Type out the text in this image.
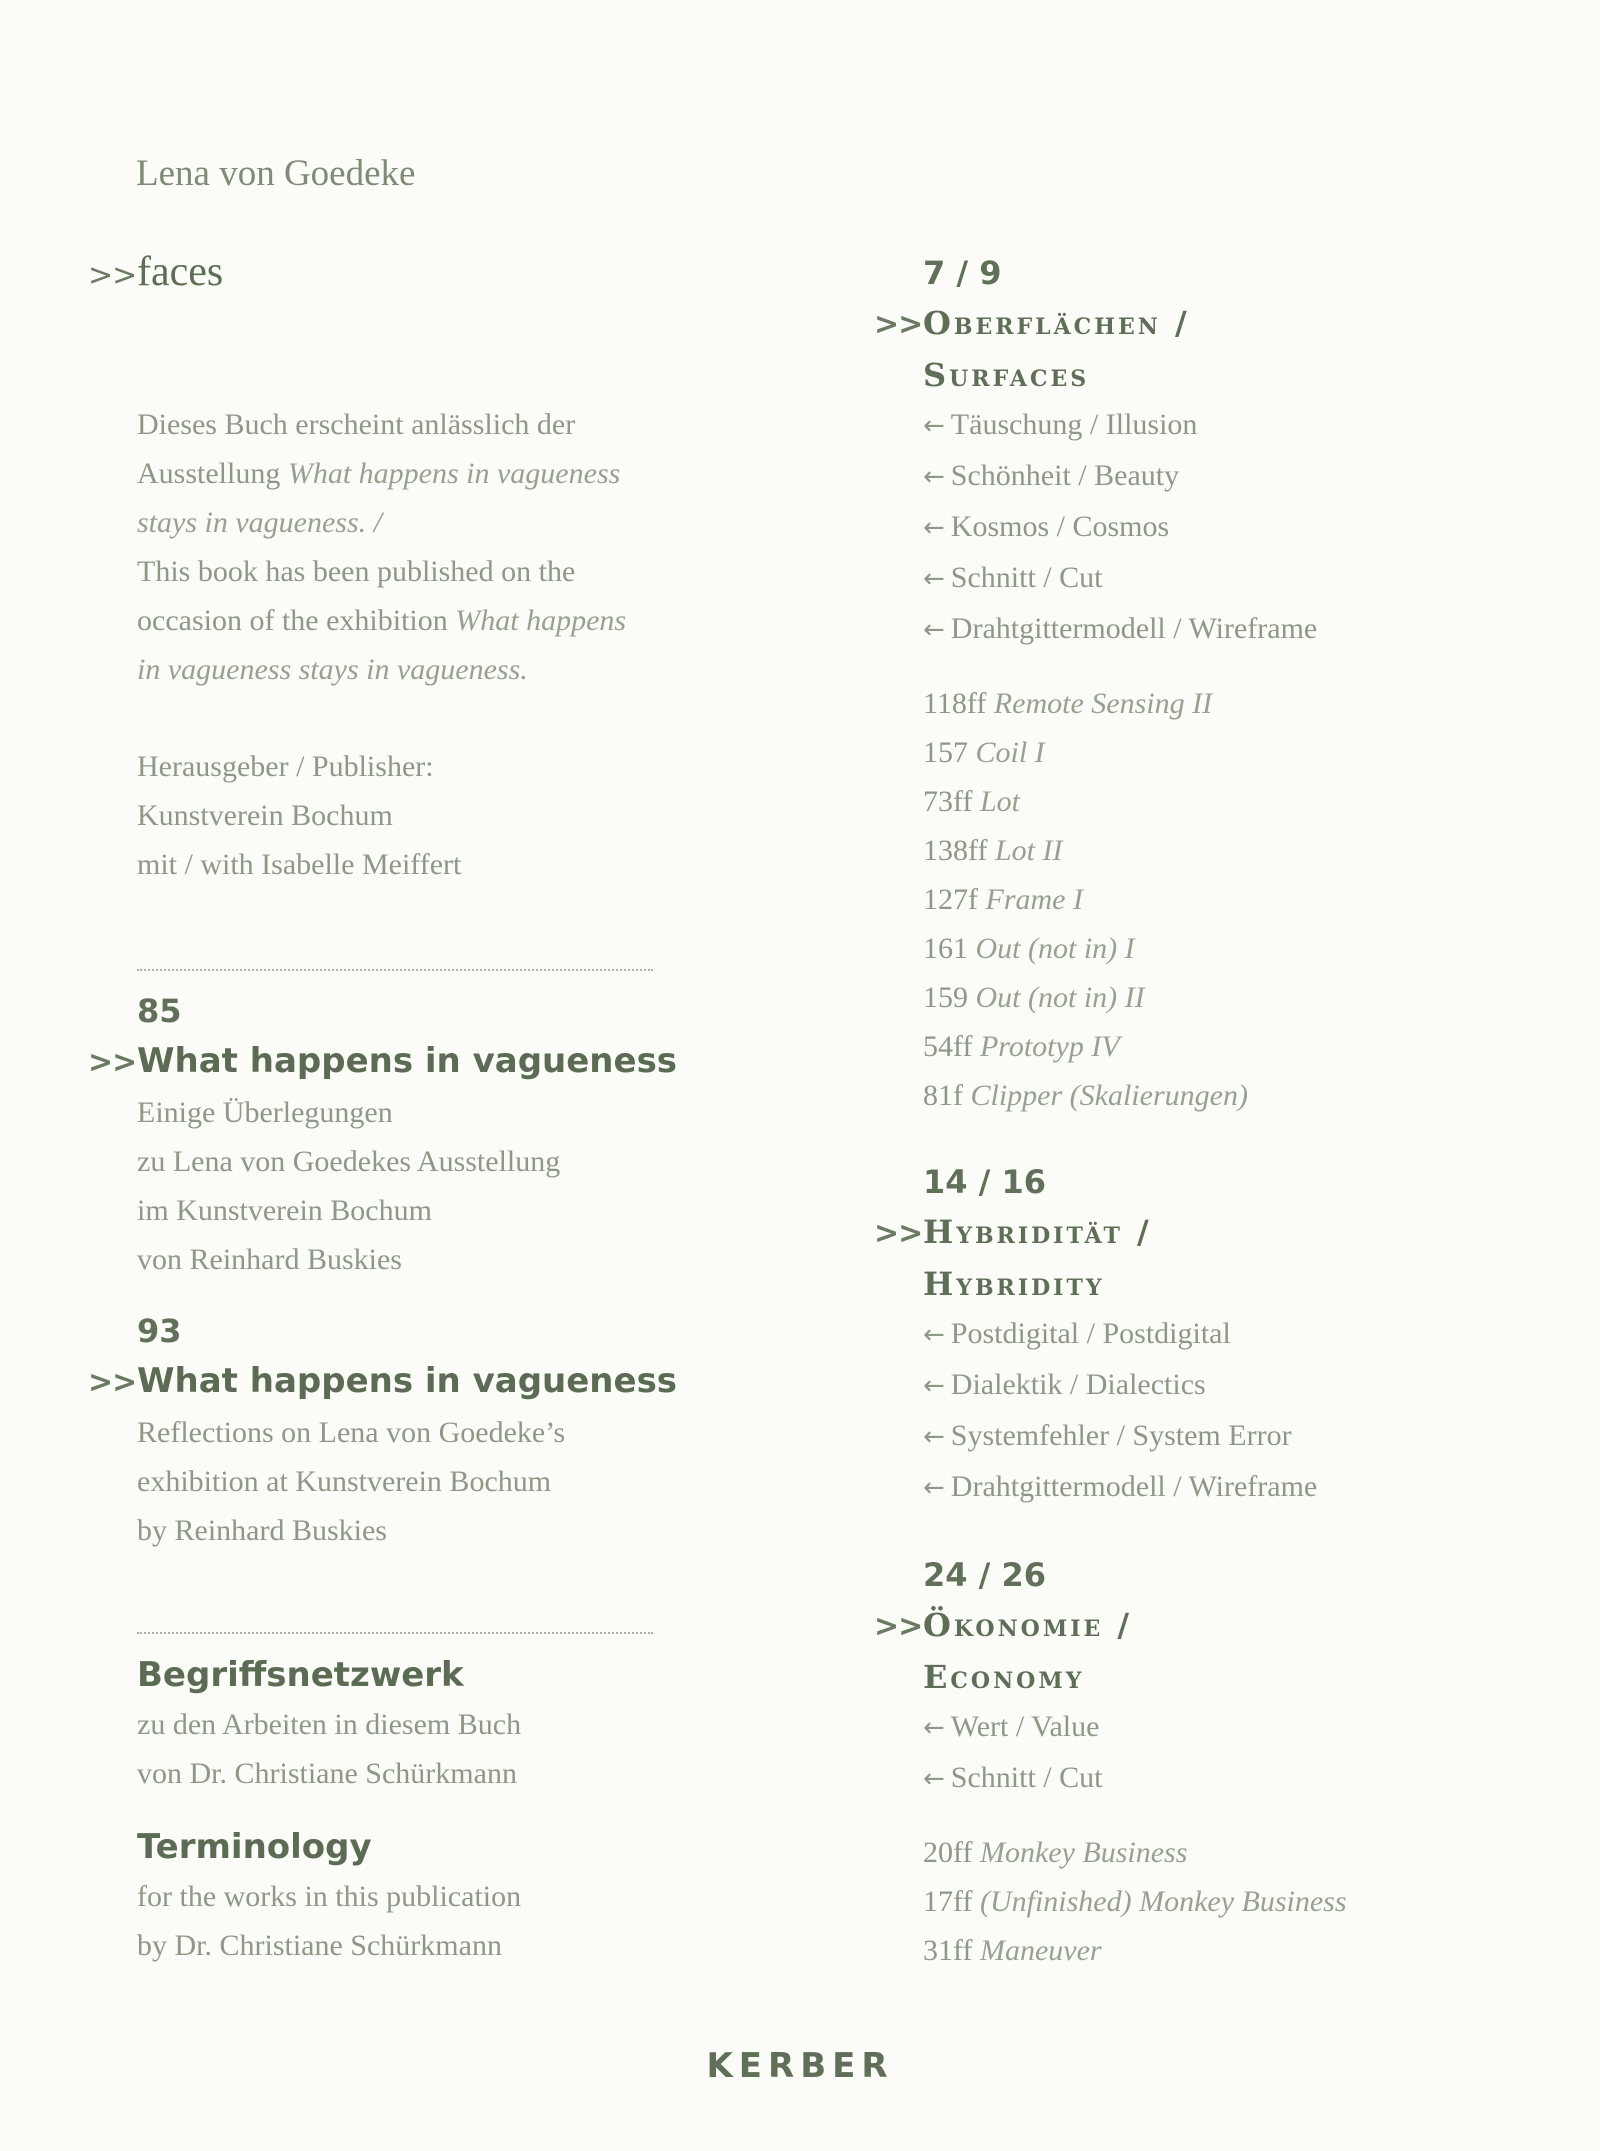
Lena von Goedeke
>>faces
Dieses Buch erscheint anlässlich der
Ausstellung What happens in vagueness
stays in vagueness. /
This book has been published on the
occasion of the exhibition What happens
in vagueness stays in vagueness.
Herausgeber / Publisher:
Kunstverein Bochum
mit / with Isabelle Meiffert
85
>>What happens in vagueness
Einige Überlegungen
zu Lena von Goedekes Ausstellung
im Kunstverein Bochum
von Reinhard Buskies
93
>>What happens in vagueness
Reflections on Lena von Goedeke’s
exhibition at Kunstverein Bochum
by Reinhard Buskies
Begriffsnetzwerk
zu den Arbeiten in diesem Buch
von Dr. Christiane Schürkmann
Terminology
for the works in this publication
by Dr. Christiane Schürkmann
7 / 9
>>Oberflächen /
Surfaces
← Täuschung / Illusion
← Schönheit / Beauty
← Kosmos / Cosmos
← Schnitt / Cut
← Drahtgittermodell / Wireframe
118ff Remote Sensing II
157 Coil I
73ff Lot
138ff Lot II
127f Frame I
161 Out (not in) I
159 Out (not in) II
54ff Prototyp IV
81f Clipper (Skalierungen)
14 / 16
>>Hybridität /
Hybridity
← Postdigital / Postdigital
← Dialektik / Dialectics
← Systemfehler / System Error
← Drahtgittermodell / Wireframe
24 / 26
>>Ökonomie /
Economy
← Wert / Value
← Schnitt / Cut
20ff Monkey Business
17ff (Unfinished) Monkey Business
31ff Maneuver
KERBER
